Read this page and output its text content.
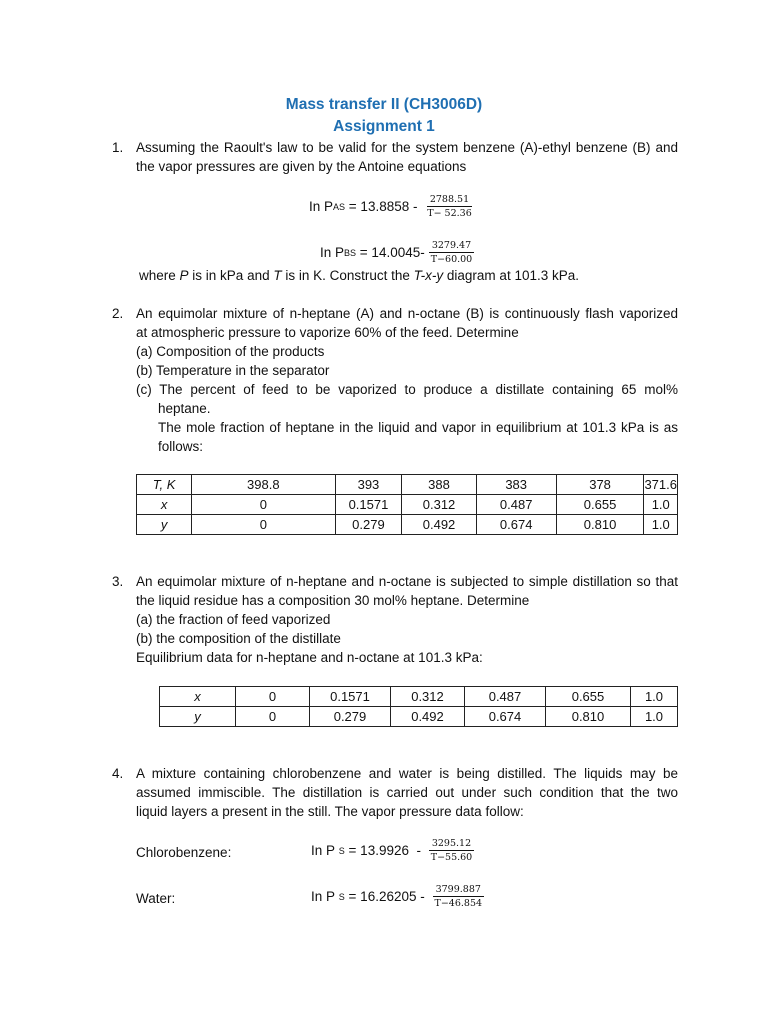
Mass transfer II (CH3006D)
Assignment 1
1. Assuming the Raoult's law to be valid for the system benzene (A)-ethyl benzene (B) and
the vapor pressures are given by the Antoine equations
In P A $S = 13.8858 - \frac{2788.51}{T- 52.36}$
In P B $S = 14.0045- \frac{3279.47}{T-60.00}$
where P is in kPa and T is in K. Construct the T-x-y diagram at 101.3 kPa.
2. An equimolar mixture of n-heptane (A) and n-octane (B) is continuously flash vaporized
at atmospheric pressure to vaporize 60% of the feed. Determine
(a) Composition of the products
(b) Temperature in the separator
(c) The percent of feed to be vaporized to produce a distillate containing 65 mol%
heptane.
The mole fraction of heptane in the liquid and vapor in equilibrium at 101.3 kPa is as
follows:
T, K	398.8	393	388	383	378	371.6
x	0	0.1571	0.312	0.487	0.655	1.0
y	0	0.279	0.492	0.674	0.810	1.0
3. An equimolar mixture of n-heptane and n-octane is subjected to simple distillation so that
the liquid residue has a composition 30 mol% heptane. Determine
(a) the fraction of feed vaporized
(b) the composition of the distillate
Equilibrium data for n-heptane and n-octane at 101.3 kPa:
x	0	0.1571	0.312	0.487	0.655	1.0
y	0	0.279	0.492	0.674	0.810	1.0
4. A mixture containing chlorobenzene and water is being distilled. The liquids may be
assumed immiscible. The distillation is carried out under such condition that the two
liquid layers a present in the still. The vapor pressure data follow:
Chlorobenzene:	In P
$S = 13.9926 - \frac{3295.12}{T-55.60}$
Water:	In P
$S = 16.26205 - \frac{3799.887}{T-46.854}$
